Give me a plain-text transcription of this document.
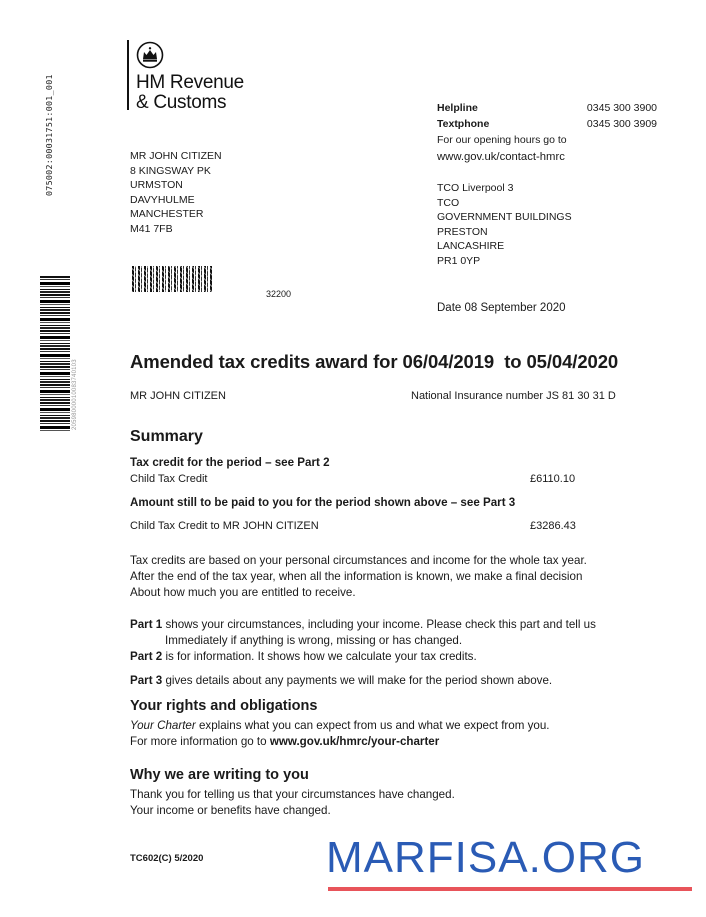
075002:00031751:001_001
20598000010083740103
HM Revenue
& Customs
MR JOHN CITIZEN
8 KINGSWAY PK
URMSTON
DAVYHULME
MANCHESTER
M41 7FB
Helpline	0345 300 3900
Textphone	0345 300 3909
For our opening hours go to
www.gov.uk/contact-hmrc
TCO Liverpool 3
TCO
GOVERNMENT BUILDINGS
PRESTON
LANCASHIRE
PR1 0YP
32200
Date 08 September 2020
Amended tax credits award for 06/04/2019  to 05/04/2020
MR JOHN CITIZEN	National Insurance number JS 81 30 31 D
Summary
Tax credit for the period – see Part 2
Child Tax Credit	£6110.10
Amount still to be paid to you for the period shown above – see Part 3
Child Tax Credit to MR JOHN CITIZEN	£3286.43
Tax credits are based on your personal circumstances and income for the whole tax year.
After the end of the tax year, when all the information is known, we make a final decision
About how much you are entitled to receive.
Part 1 shows your circumstances, including your income. Please check this part and tell us
Immediately if anything is wrong, missing or has changed.
Part 2 is for information. It shows how we calculate your tax credits.
Part 3 gives details about any payments we will make for the period shown above.
Your rights and obligations
Your Charter explains what you can expect from us and what we expect from you.
For more information go to www.gov.uk/hmrc/your-charter
Why we are writing to you
Thank you for telling us that your circumstances have changed.
Your income or benefits have changed.
TC602(C) 5/2020	MARFISA.ORG
